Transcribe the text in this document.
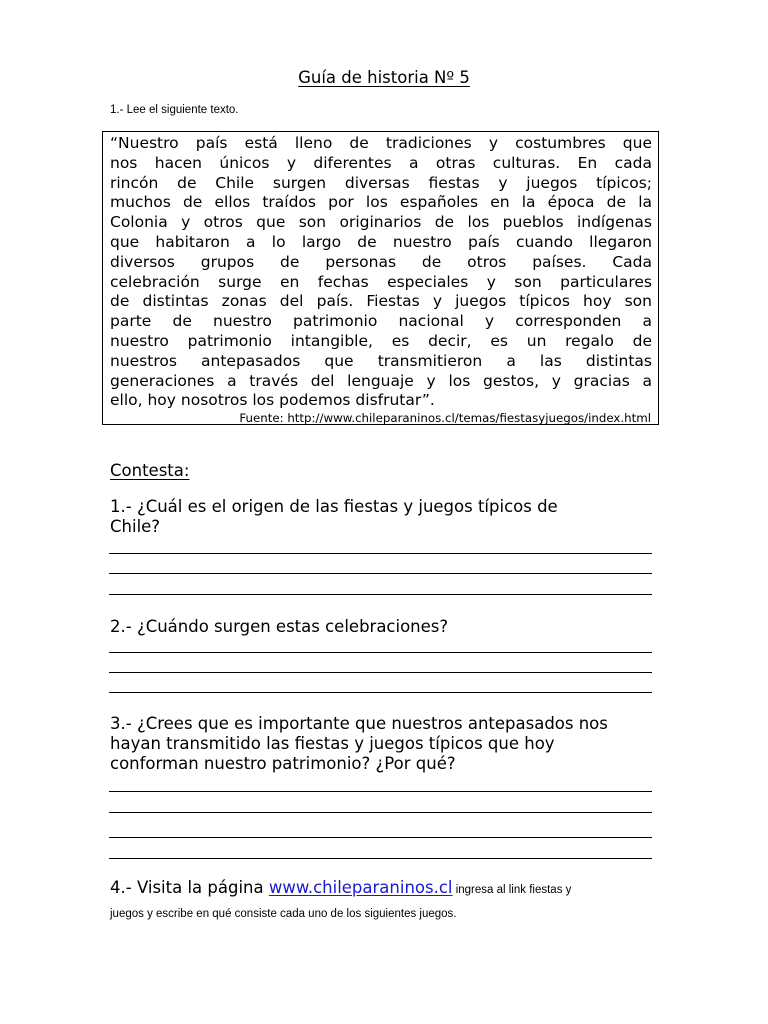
Guía de historia Nº 5
1.- Lee el siguiente texto.
“Nuestro país está lleno de tradiciones y costumbres que
nos hacen únicos y diferentes a otras culturas. En cada
rincón de Chile surgen diversas fiestas y juegos típicos;
muchos de ellos traídos por los españoles en la época de la
Colonia y otros que son originarios de los pueblos indígenas
que habitaron a lo largo de nuestro país cuando llegaron
diversos grupos de personas de otros países. Cada
celebración surge en fechas especiales y son particulares
de distintas zonas del país. Fiestas y juegos típicos hoy son
parte de nuestro patrimonio nacional y corresponden a
nuestro patrimonio intangible, es decir, es un regalo de
nuestros antepasados que transmitieron a las distintas
generaciones a través del lenguaje y los gestos, y gracias a
ello, hoy nosotros los podemos disfrutar”.
Fuente: http://www.chileparaninos.cl/temas/fiestasyjuegos/index.html
Contesta:
1.- ¿Cuál es el origen de las fiestas y juegos típicos de
Chile?
2.- ¿Cuándo surgen estas celebraciones?
3.- ¿Crees que es importante que nuestros antepasados nos
hayan transmitido las fiestas y juegos típicos que hoy
conforman nuestro patrimonio? ¿Por qué?
4.- Visita la página www.chileparaninos.cl ingresa al link fiestas y
juegos y escribe en qué consiste cada uno de los siguientes juegos.
